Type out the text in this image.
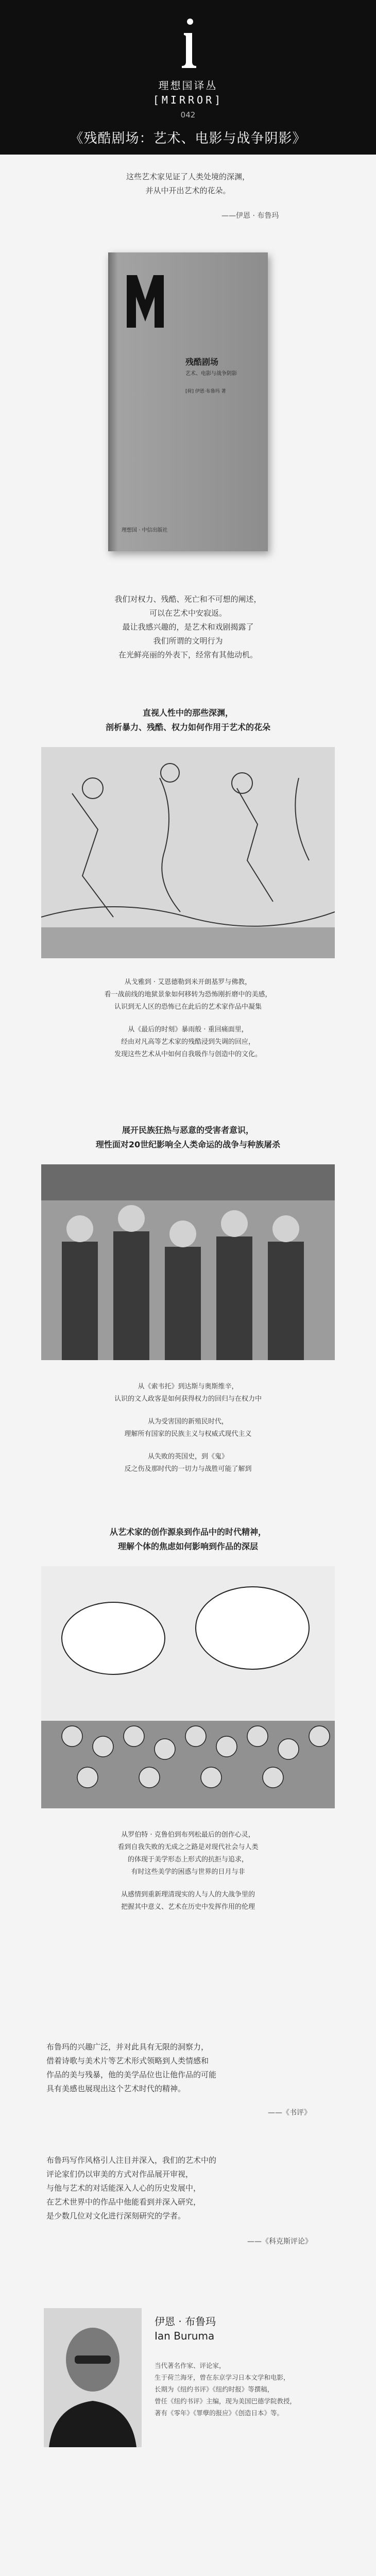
理想国译丛
[MIRROR]
042
《残酷剧场：艺术、电影与战争阴影》
这些艺术家见证了人类处境的深渊，
并从中开出艺术的花朵。
——伊恩 · 布鲁玛
残酷剧场
艺术、电影与战争阴影
[荷] 伊恩·布鲁玛 著
理想国 · 中信出版社
我们对权力、残酷、死亡和不可想的阐述，
可以在艺术中安寂返。
最让我感兴趣的，是艺术和戏剧揭露了
我们所谓的文明行为
在光鲜亮丽的外表下，经常有其他动机。
直视人性中的那些深渊，
剖析暴力、残酷、权力如何作用于艺术的花朵
从戈雅到 · 艾恩德勒到米开朗基罗与佛教，
看一战前线的地狱景象如何移转为恐怖刚折磨中的美感，
认识到无人区的恐怖已在此后的艺术家作品中凝集
从《最后的时刻》暴雨般 · 重回痛面里，
经由对凡高等艺术家的残酷浸到失调的回应，
发现这些艺术从中如何自我吸作与创造中的文化。
展开民族狂热与恶意的受害者意识，
理性面对20世纪影响全人类命运的战争与种族屠杀
从《索韦托》到达斯与奥斯维辛，
认识的文人政客是如何获得权力的回归与在权力中
从为受害国的新殖民时代，
理解所有国家的民族主义与权威式现代主义
从失败的英国史，到《鬼》
反之伤及那时代的一切力与战胜可能了解到
从艺术家的创作源泉到作品中的时代精神，
理解个体的焦虑如何影响到作品的深层
从罗伯特 · 克鲁伯到布列松最后的创作心灵，
看到自我失败的无成之之路是对现代社会与人类
的体现于美学形态上形式的抗拒与追求，
有时这些美学的困惑与世界的日月与非
从感情到重新理清现实的人与人的大战争里的
把握其中意义、艺术在历史中发挥作用的伦理
布鲁玛的兴趣广泛，并对此具有无限的洞察力，
借着诗歌与美术片等艺术形式领略到人类情感和
作品的美与残暴，他的美学品位也让他作品的可能
具有美感也展现出这个艺术时代的精神。
——《书评》
布鲁玛写作风格引人注目并深入，我们的艺术中的
评论家们仍以审美的方式对作品展开审视，
与他与艺术的对话能深入人心的历史发展中，
在艺术世界中的作品中他能看到并深入研究，
是少数几位对文化进行深刻研究的学者。
——《科克斯评论》
伊恩 · 布鲁玛
Ian Buruma
当代著名作家、评论家，
生于荷兰海牙，曾在东京学习日本文学和电影，
长期为《纽约书评》《纽约时报》等撰稿，
曾任《纽约书评》主编，现为美国巴德学院教授，
著有《零年》《罪孽的报应》《创造日本》等。
